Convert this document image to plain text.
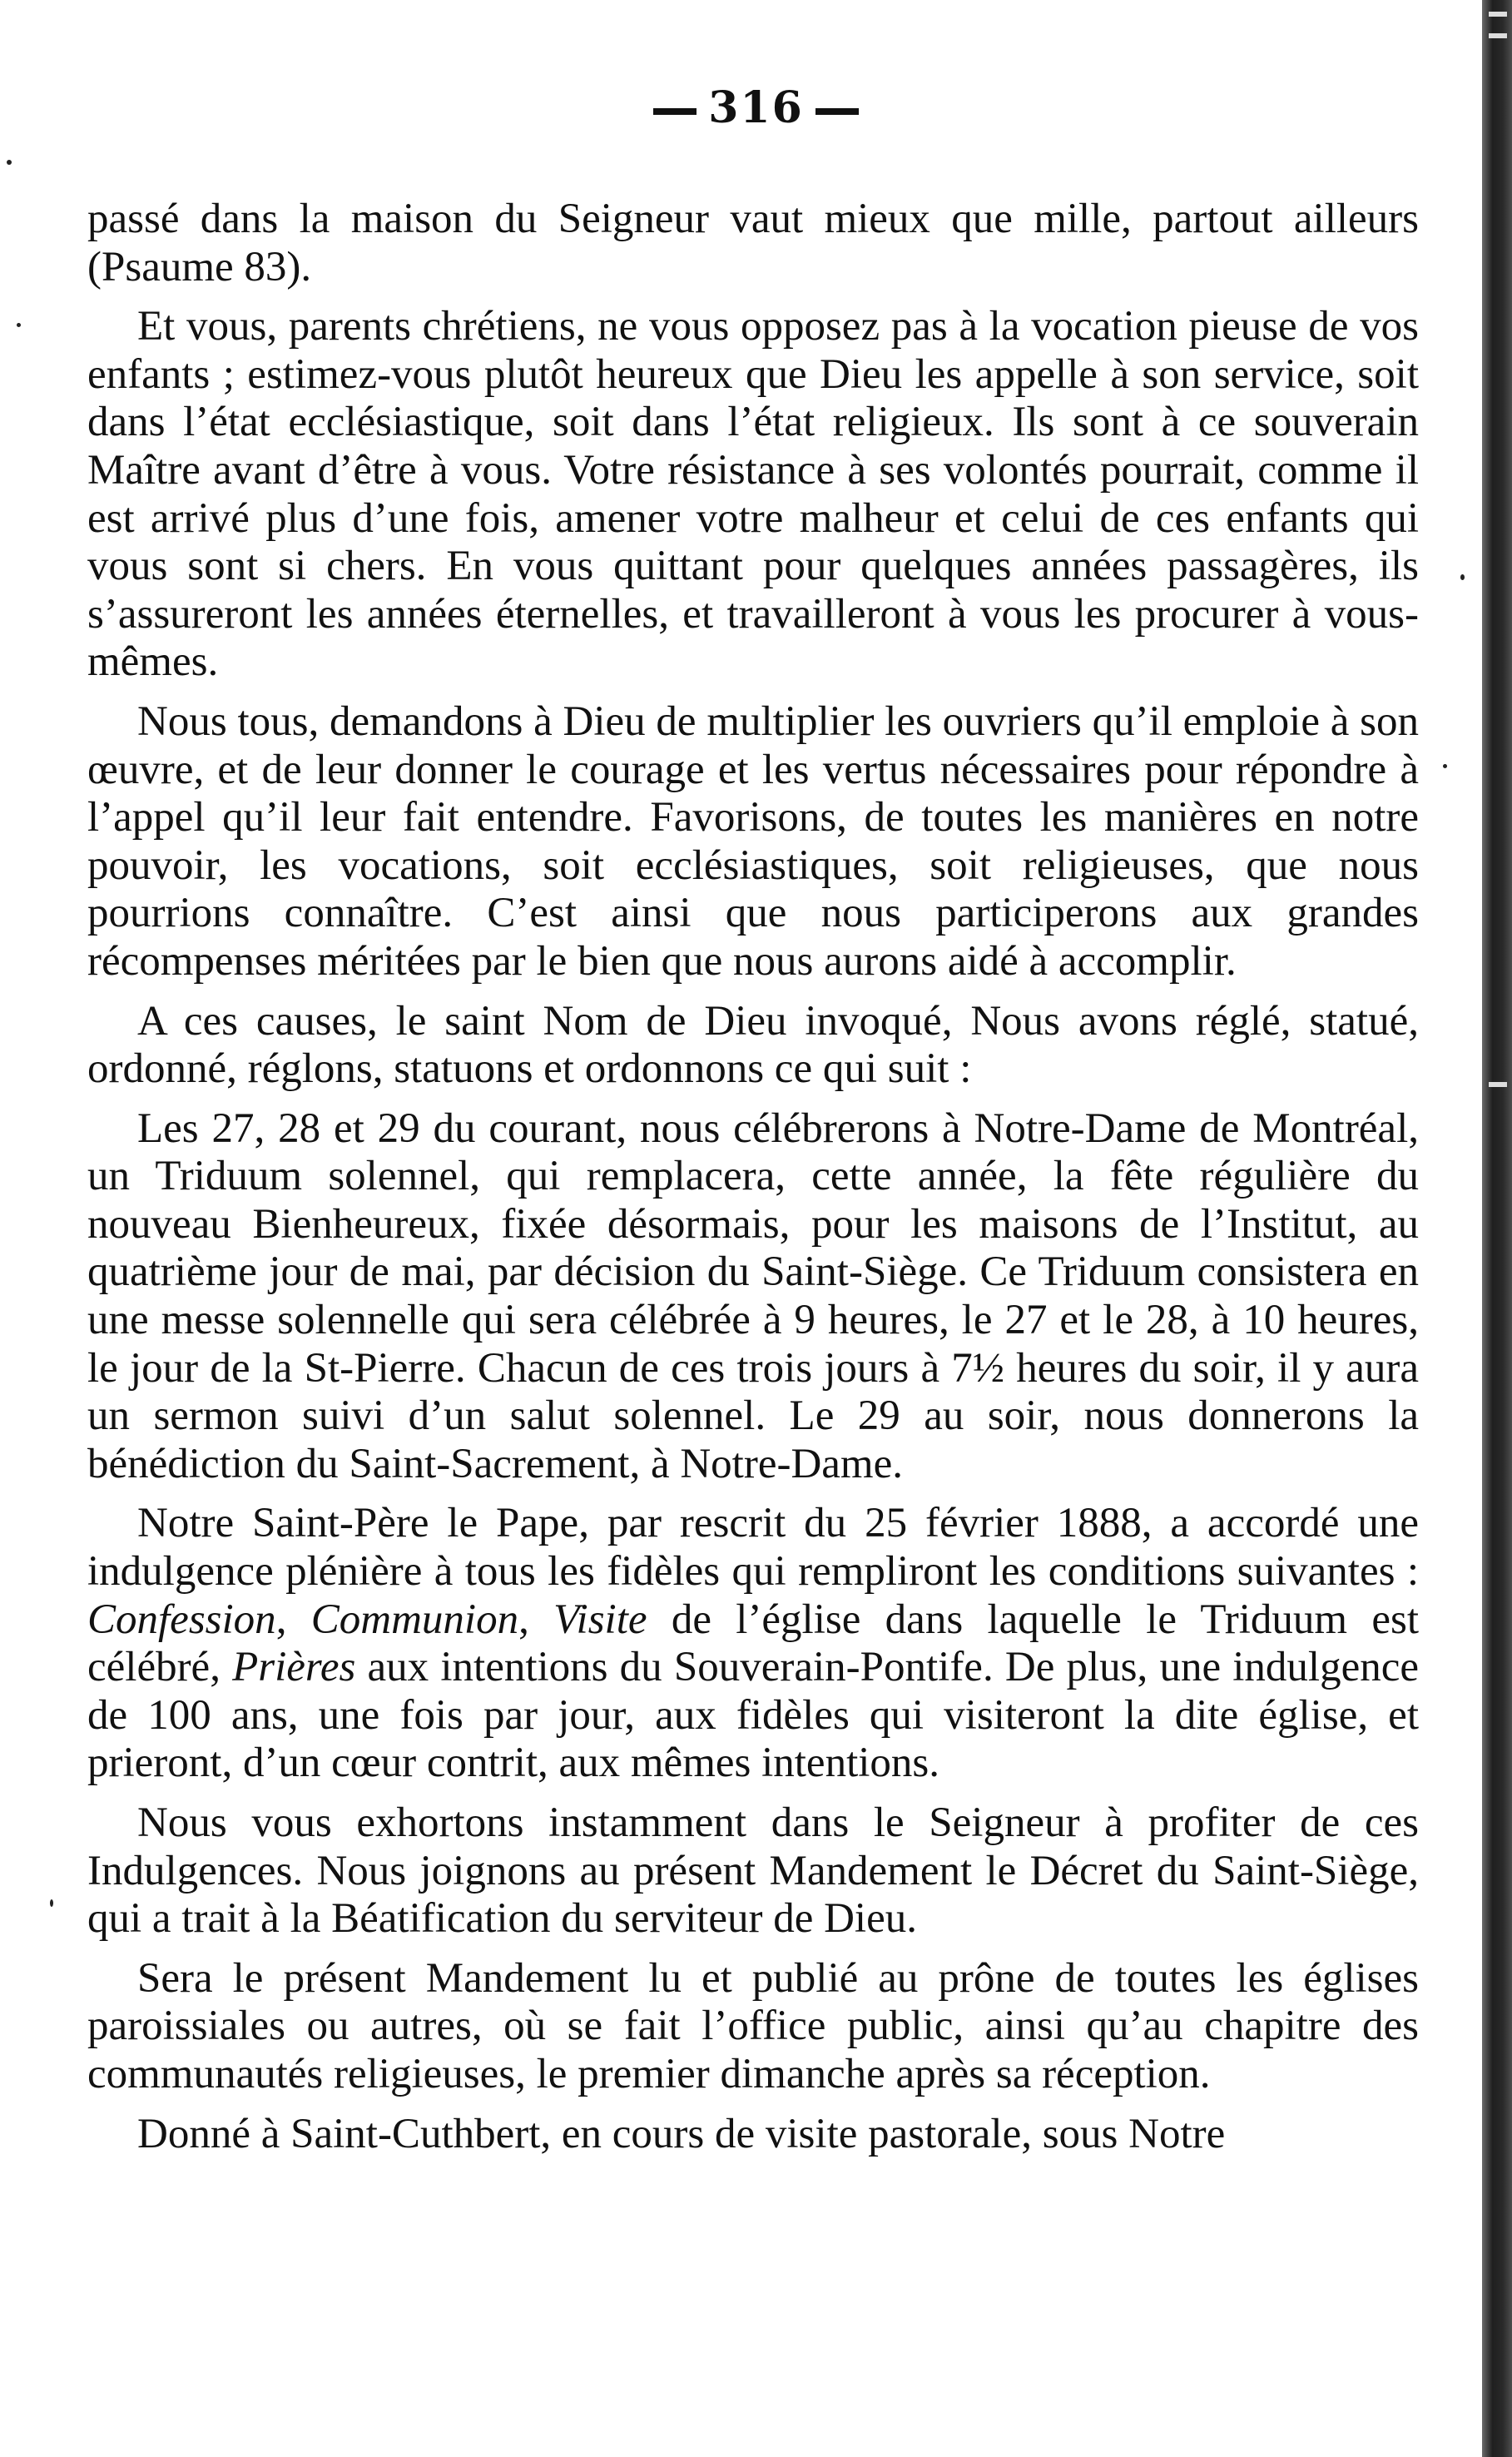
316

passé dans la maison du Seigneur vaut mieux que mille, partout ailleurs (Psaume 83).

Et vous, parents chrétiens, ne vous opposez pas à la vocation pieuse de vos enfants ; estimez-vous plutôt heureux que Dieu les appelle à son service, soit dans l’état ecclésiastique, soit dans l’état religieux. Ils sont à ce souverain Maître avant d’être à vous. Votre résistance à ses volontés pourrait, comme il est arrivé plus d’une fois, amener votre malheur et celui de ces enfants qui vous sont si chers. En vous quittant pour quelques années passagères, ils s’assureront les années éternelles, et travailleront à vous les procurer à vous-mêmes.

Nous tous, demandons à Dieu de multiplier les ouvriers qu’il emploie à son œuvre, et de leur donner le courage et les vertus nécessaires pour répondre à l’appel qu’il leur fait entendre. Favorisons, de toutes les manières en notre pouvoir, les vocations, soit ecclésiastiques, soit religieuses, que nous pourrions connaître. C’est ainsi que nous participerons aux grandes récompenses méritées par le bien que nous aurons aidé à accomplir.

A ces causes, le saint Nom de Dieu invoqué, Nous avons réglé, statué, ordonné, réglons, statuons et ordonnons ce qui suit :

Les 27, 28 et 29 du courant, nous célébrerons à Notre-Dame de Montréal, un Triduum solennel, qui remplacera, cette année, la fête régulière du nouveau Bienheureux, fixée désormais, pour les maisons de l’Institut, au quatrième jour de mai, par décision du Saint-Siège. Ce Triduum consistera en une messe solennelle qui sera célébrée à 9 heures, le 27 et le 28, à 10 heures, le jour de la St-Pierre. Chacun de ces trois jours à 7½ heures du soir, il y aura un sermon suivi d’un salut solennel. Le 29 au soir, nous donnerons la bénédiction du Saint-Sacrement, à Notre-Dame.

Notre Saint-Père le Pape, par rescrit du 25 février 1888, a accordé une indulgence plénière à tous les fidèles qui rempliront les conditions suivantes : Confession, Communion, Visite de l’église dans laquelle le Triduum est célébré, Prières aux intentions du Souverain-Pontife. De plus, une indulgence de 100 ans, une fois par jour, aux fidèles qui visiteront la dite église, et prieront, d’un cœur contrit, aux mêmes intentions.

Nous vous exhortons instamment dans le Seigneur à profiter de ces Indulgences. Nous joignons au présent Mandement le Décret du Saint-Siège, qui a trait à la Béatification du serviteur de Dieu.

Sera le présent Mandement lu et publié au prône de toutes les églises paroissiales ou autres, où se fait l’office public, ainsi qu’au chapitre des communautés religieuses, le premier dimanche après sa réception.

Donné à Saint-Cuthbert, en cours de visite pastorale, sous Notre
